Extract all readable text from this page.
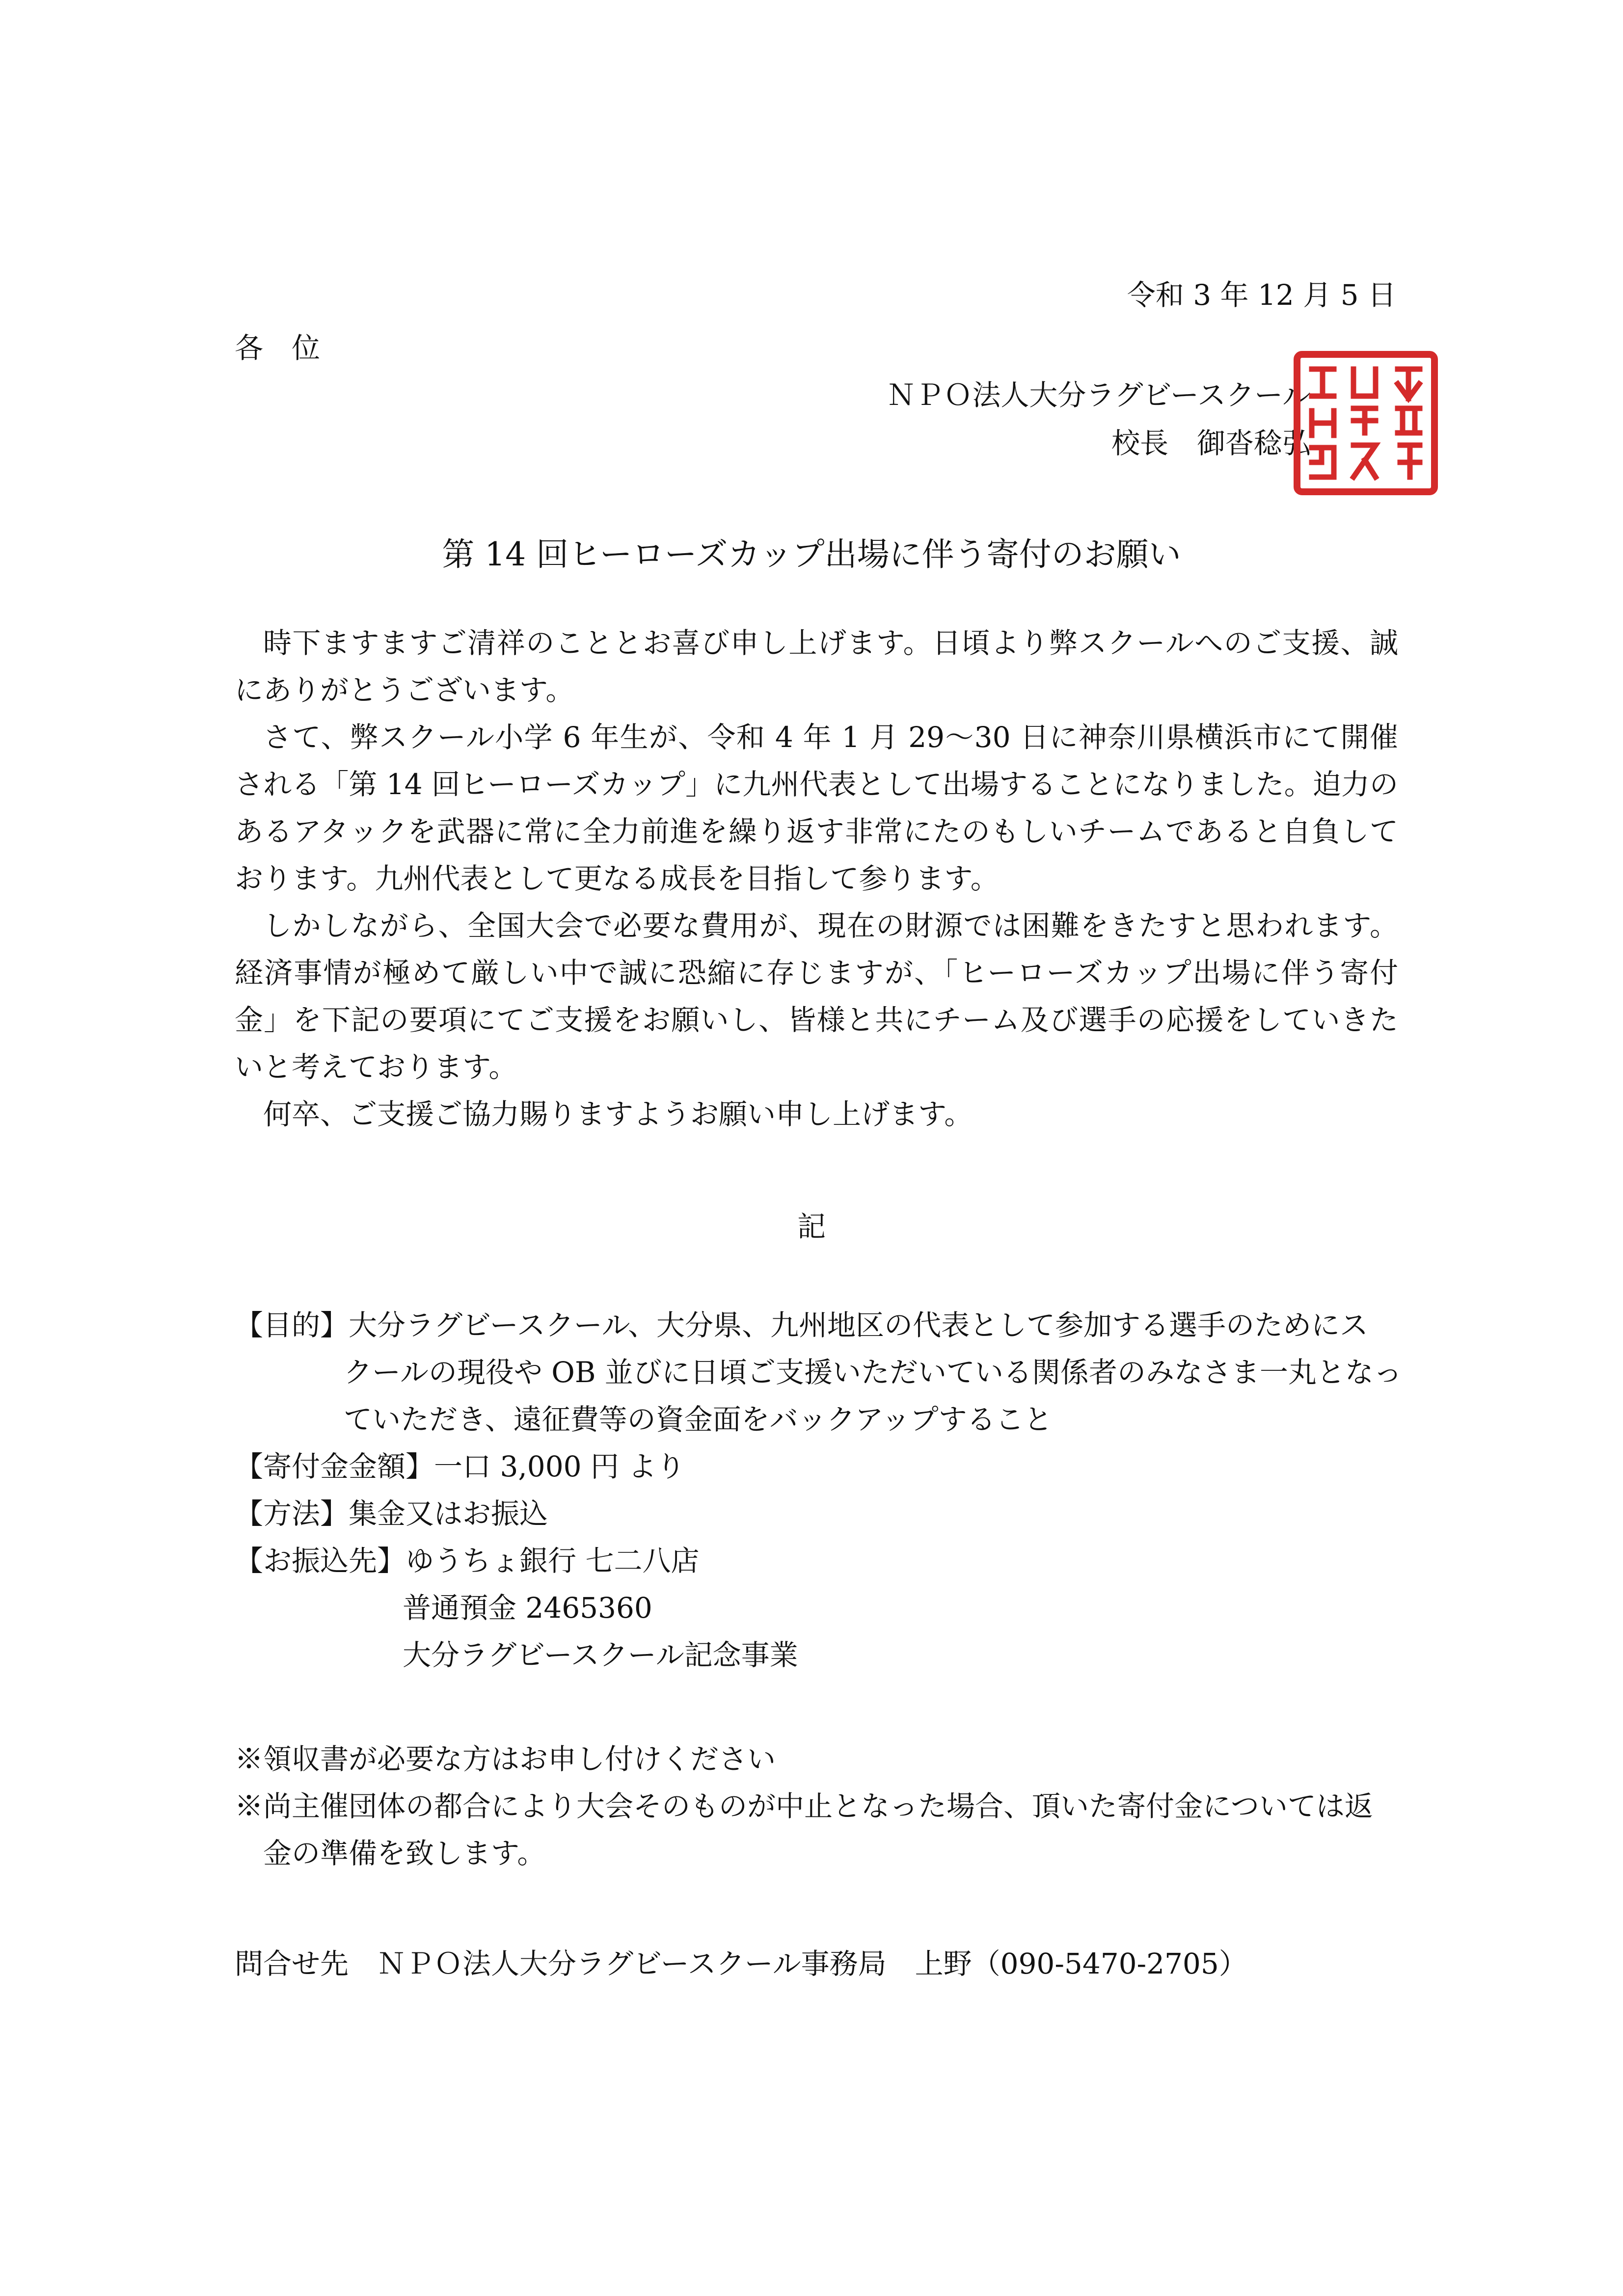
令和 3 年 12 月 5 日
各位
ＮＰＯ法人大分ラグビースクール
校長　御沓稔弘
第 14 回ヒーローズカップ出場に伴う寄付のお願い

時下ますますご清祥のこととお喜び申し上げます。日頃より弊スクールへのご支援、誠にありがとうございます。

さて、弊スクール小学 6 年生が、令和 4 年 1 月 29～30 日に神奈川県横浜市にて開催される「第 14 回ヒーローズカップ」に九州代表として出場することになりました。迫力のあるアタックを武器に常に全力前進を繰り返す非常にたのもしいチームであると自負しております。九州代表として更なる成長を目指して参ります。

しかしながら、全国大会で必要な費用が、現在の財源では困難をきたすと思われます。経済事情が極めて厳しい中で誠に恐縮に存じますが、「ヒーローズカップ出場に伴う寄付金」を下記の要項にてご支援をお願いし、皆様と共にチーム及び選手の応援をしていきたいと考えております。

何卒、ご支援ご協力賜りますようお願い申し上げます。

記
【目的】大分ラグビースクール、大分県、九州地区の代表として参加する選手のためにス
クールの現役や OB 並びに日頃ご支援いただいている関係者のみなさま一丸となっ
ていただき、遠征費等の資金面をバックアップすること
【寄付金金額】一口 3,000 円 より
【方法】集金又はお振込
【お振込先】ゆうちょ銀行 七二八店
普通預金 2465360
大分ラグビースクール記念事業
※領収書が必要な方はお申し付けください
※尚主催団体の都合により大会そのものが中止となった場合、頂いた寄付金については返
金の準備を致します。
問合せ先　ＮＰＯ法人大分ラグビースクール事務局　上野（090-5470-2705）
